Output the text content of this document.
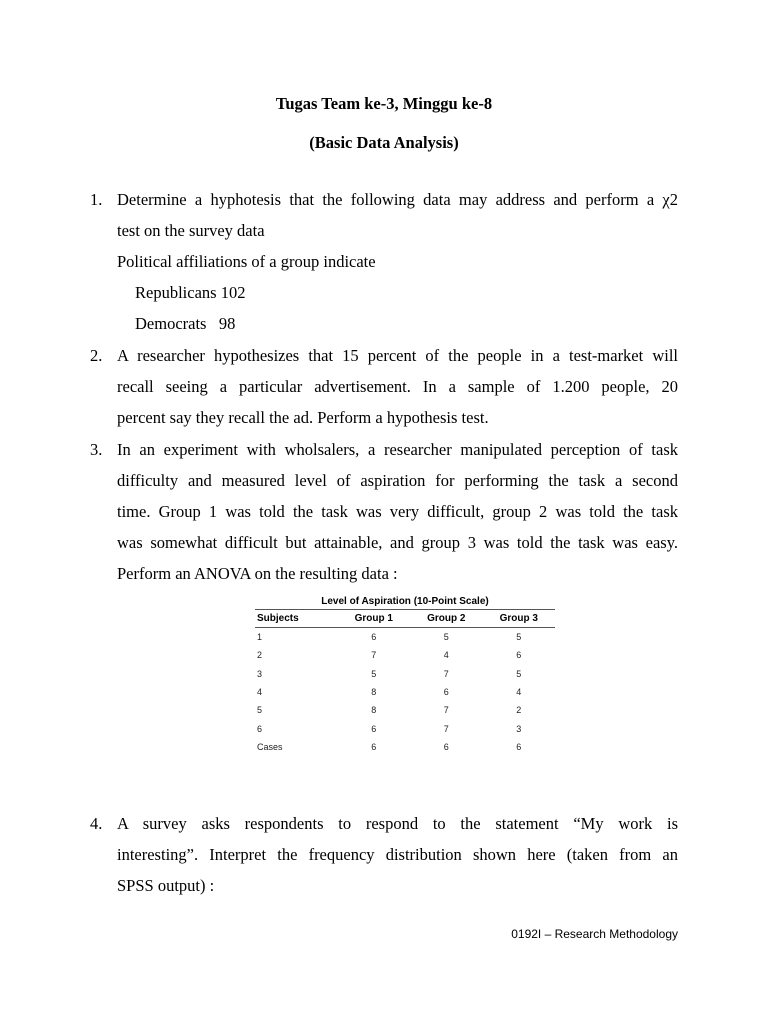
Tugas Team ke-3, Minggu ke-8
(Basic Data Analysis)
1. Determine a hyphotesis that the following data may address and perform a χ2
test on the survey data
Political affiliations of a group indicate
Republicans 102
Democrats   98
2. A researcher hypothesizes that 15 percent of the people in a test-market will
recall seeing a particular advertisement. In a sample of 1.200 people, 20
percent say they recall the ad. Perform a hypothesis test.
3. In an experiment with wholsalers, a researcher manipulated perception of task
difficulty and measured level of aspiration for performing the task a second
time. Group 1 was told the task was very difficult, group 2 was told the task
was somewhat difficult but attainable, and group 3 was told the task was easy.
Perform an ANOVA on the resulting data :
Level of Aspiration (10-Point Scale)
Subjects	Group 1	Group 2	Group 3
1	6	5	5
2	7	4	6
3	5	7	5
4	8	6	4
5	8	7	2
6	6	7	3
Cases	6	6	6
4. A survey asks respondents to respond to the statement “My work is
interesting”. Interpret the frequency distribution shown here (taken from an
SPSS output) :
0192I – Research Methodology
